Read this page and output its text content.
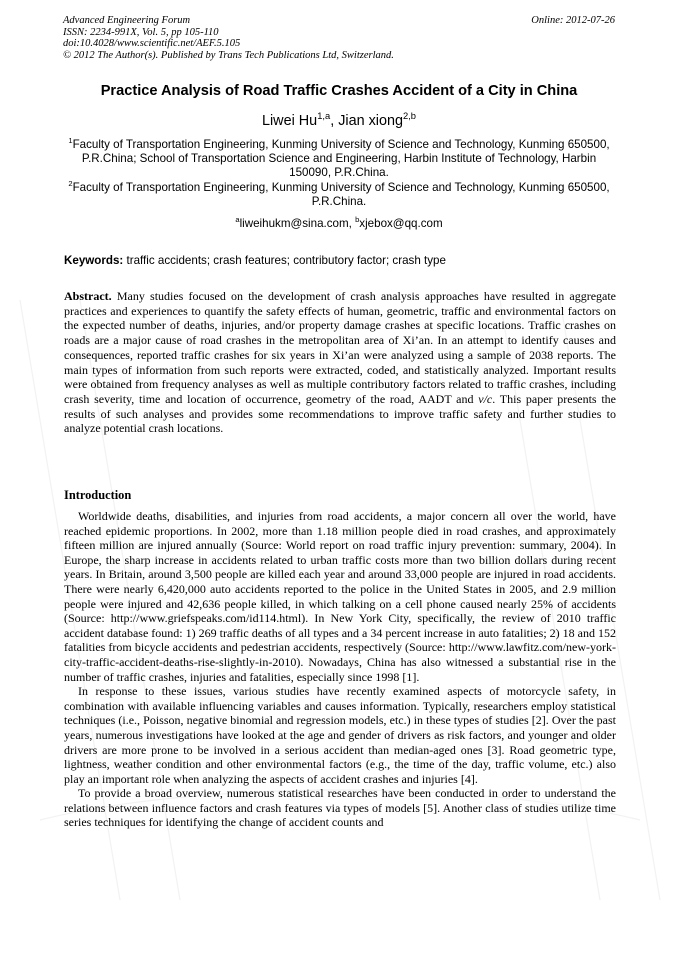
Advanced Engineering Forum	Online: 2012-07-26
ISSN: 2234-991X, Vol. 5, pp 105-110
doi:10.4028/www.scientific.net/AEF.5.105
© 2012 The Author(s). Published by Trans Tech Publications Ltd, Switzerland.
Practice Analysis of Road Traffic Crashes Accident of a City in China
Liwei Hu$^{1,a}$, Jian xiong$^{2,b}$
$^1$Faculty of Transportation Engineering, Kunming University of Science and Technology, Kunming 650500, P.R.China; School of Transportation Science and Engineering, Harbin Institute of Technology, Harbin 150090, P.R.China.
$^2$Faculty of Transportation Engineering, Kunming University of Science and Technology, Kunming 650500, P.R.China.
$^a$liweihukm@sina.com, $^b$xjebox@qq.com
Keywords: traffic accidents; crash features; contributory factor; crash type

Abstract. Many studies focused on the development of crash analysis approaches have resulted in aggregate practices and experiences to quantify the safety effects of human, geometric, traffic and environmental factors on the expected number of deaths, injuries, and/or property damage crashes at specific locations. Traffic crashes on roads are a major cause of road crashes in the metropolitan area of Xi’an. In an attempt to identify causes and consequences, reported traffic crashes for six years in Xi’an were analyzed using a sample of 2038 reports. The main types of information from such reports were extracted, coded, and statistically analyzed. Important results were obtained from frequency analyses as well as multiple contributory factors related to traffic crashes, including crash severity, time and location of occurrence, geometry of the road, AADT and v/c. This paper presents the results of such analyses and provides some recommendations to improve traffic safety and further studies to analyze potential crash locations.

Introduction

Worldwide deaths, disabilities, and injuries from road accidents, a major concern all over the world, have reached epidemic proportions. In 2002, more than 1.18 million people died in road crashes, and approximately fifteen million are injured annually (Source: World report on road traffic injury prevention: summary, 2004). In Europe, the sharp increase in accidents related to urban traffic costs more than two billion dollars during recent years. In Britain, around 3,500 people are killed each year and around 33,000 people are injured in road accidents. There were nearly 6,420,000 auto accidents reported to the police in the United States in 2005, and 2.9 million people were injured and 42,636 people killed, in which talking on a cell phone caused nearly 25% of accidents (Source: http://www.griefspeaks.com/id114.html). In New York City, specifically, the review of 2010 traffic accident database found: 1) 269 traffic deaths of all types and a 34 percent increase in auto fatalities; 2) 18 and 152 fatalities from bicycle accidents and pedestrian accidents, respectively (Source: http://www.lawfitz.com/new-york-city-traffic-accident-deaths-rise-slightly-in-2010). Nowadays, China has also witnessed a substantial rise in the number of traffic crashes, injuries and fatalities, especially since 1998 [1].

In response to these issues, various studies have recently examined aspects of motorcycle safety, in combination with available influencing variables and causes information. Typically, researchers employ statistical techniques (i.e., Poisson, negative binomial and regression models, etc.) in these types of studies [2]. Over the past years, numerous investigations have looked at the age and gender of drivers as risk factors, and younger and older drivers are more prone to be involved in a serious accident than median-aged ones [3]. Road geometric type, lightness, weather condition and other environmental factors (e.g., the time of the day, traffic volume, etc.) also play an important role when analyzing the aspects of accident crashes and injuries [4].

To provide a broad overview, numerous statistical researches have been conducted in order to understand the relations between influence factors and crash features via types of models [5]. Another class of studies utilize time series techniques for identifying the change of accident counts and
